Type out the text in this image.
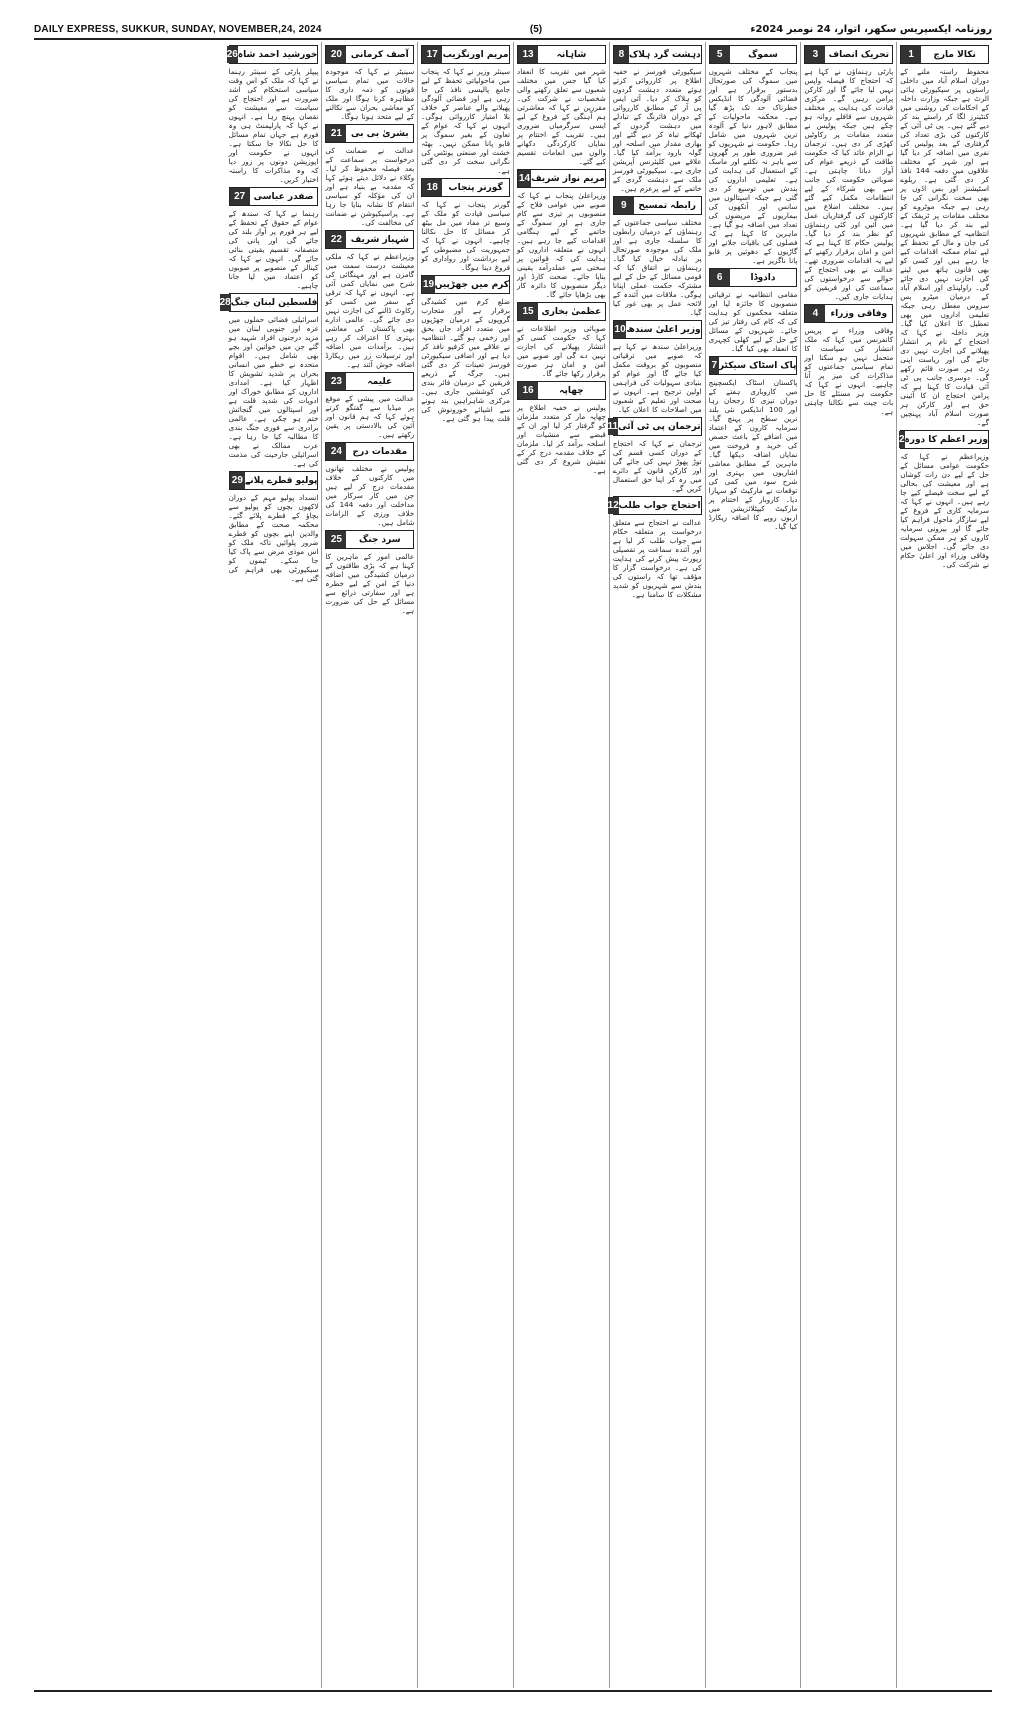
DAILY EXPRESS, SUKKUR, SUNDAY, NOVEMBER,24, 2024	(5)	روزنامہ ایکسپریس سکھر، اتوار، 24 نومبر 2024ء
نکالا مارچ
1
محفوظ راستہ ملنے کے دوران اسلام آباد میں داخلی راستوں پر سیکیورٹی ہائی الرٹ ہے جبکہ وزارت داخلہ کے احکامات کی روشنی میں کنٹینرز لگا کر راستے بند کر دیے گئے ہیں۔ پی ٹی آئی کے کارکنوں کی بڑی تعداد کی گرفتاری کے بعد پولیس کی نفری میں اضافہ کر دیا گیا ہے اور شہر کے مختلف علاقوں میں دفعہ 144 نافذ کر دی گئی ہے۔ ریلوے اسٹیشنز اور بس اڈوں پر بھی سخت نگرانی کی جا رہی ہے جبکہ موٹروے کو مختلف مقامات پر ٹریفک کے لیے بند کر دیا گیا ہے۔ انتظامیہ کے مطابق شہریوں کی جان و مال کے تحفظ کے لیے تمام ممکنہ اقدامات کیے جا رہے ہیں اور کسی کو بھی قانون ہاتھ میں لینے کی اجازت نہیں دی جائے گی۔ راولپنڈی اور اسلام آباد کے درمیان میٹرو بس سروس معطل رہی جبکہ تعلیمی اداروں میں بھی تعطیل کا اعلان کیا گیا۔ وزیر داخلہ نے کہا کہ احتجاج کے نام پر انتشار پھیلانے کی اجازت نہیں دی جائے گی اور ریاست اپنی رٹ ہر صورت قائم رکھے گی۔ دوسری جانب پی ٹی آئی قیادت کا کہنا ہے کہ پرامن احتجاج ان کا آئینی حق ہے اور کارکن ہر صورت اسلام آباد پہنچیں گے۔
وزیر اعظم کا دورہ
2
وزیراعظم نے کہا کہ حکومت عوامی مسائل کے حل کے لیے دن رات کوشاں ہے اور معیشت کی بحالی کے لیے سخت فیصلے کیے جا رہے ہیں۔ انہوں نے کہا کہ سرمایہ کاری کے فروغ کے لیے سازگار ماحول فراہم کیا جائے گا اور بیرونی سرمایہ کاروں کو ہر ممکن سہولت دی جائے گی۔ اجلاس میں وفاقی وزراء اور اعلیٰ حکام نے شرکت کی۔
تحریک انصاف
3
پارٹی رہنماؤں نے کہا ہے کہ احتجاج کا فیصلہ واپس نہیں لیا جائے گا اور کارکن پرامن رہیں گے۔ مرکزی قیادت کی ہدایت پر مختلف شہروں سے قافلے روانہ ہو چکے ہیں جبکہ پولیس نے متعدد مقامات پر رکاوٹیں کھڑی کر دی ہیں۔ ترجمان نے الزام عائد کیا کہ حکومت طاقت کے ذریعے عوام کی آواز دبانا چاہتی ہے۔ صوبائی حکومت کی جانب سے بھی شرکاء کے لیے انتظامات مکمل کیے گئے ہیں۔ مختلف اضلاع میں کارکنوں کی گرفتاریاں عمل میں آئیں اور کئی رہنماؤں کو نظر بند کر دیا گیا۔ پولیس حکام کا کہنا ہے کہ امن و امان برقرار رکھنے کے لیے یہ اقدامات ضروری تھے۔ عدالت نے بھی احتجاج کے حوالے سے درخواستوں کی سماعت کی اور فریقین کو ہدایات جاری کیں۔
وفاقی وزراء
4
وفاقی وزراء نے پریس کانفرنس میں کہا کہ ملک انتشار کی سیاست کا متحمل نہیں ہو سکتا اور تمام سیاسی جماعتوں کو مذاکرات کی میز پر آنا چاہیے۔ انہوں نے کہا کہ حکومت ہر مسئلے کا حل بات چیت سے نکالنا چاہتی ہے۔
سموگ
5
پنجاب کے مختلف شہروں میں سموگ کی صورتحال بدستور برقرار ہے اور فضائی آلودگی کا انڈیکس خطرناک حد تک بڑھ گیا ہے۔ محکمہ ماحولیات کے مطابق لاہور دنیا کے آلودہ ترین شہروں میں شامل رہا۔ حکومت نے شہریوں کو غیر ضروری طور پر گھروں سے باہر نہ نکلنے اور ماسک کے استعمال کی ہدایت کی ہے۔ تعلیمی اداروں کی بندش میں توسیع کر دی گئی ہے جبکہ اسپتالوں میں سانس اور آنکھوں کی بیماریوں کے مریضوں کی تعداد میں اضافہ ہو گیا ہے۔ ماہرین کا کہنا ہے کہ فصلوں کی باقیات جلانے اور گاڑیوں کے دھوئیں پر قابو پانا ناگزیر ہے۔
دادوڈا
6
مقامی انتظامیہ نے ترقیاتی منصوبوں کا جائزہ لیا اور متعلقہ محکموں کو ہدایت کی کہ کام کی رفتار تیز کی جائے۔ شہریوں کے مسائل کے حل کے لیے کھلی کچہری کا انعقاد بھی کیا گیا۔
پاک اسٹاک سیکٹر
7
پاکستان اسٹاک ایکسچینج میں کاروباری ہفتے کے دوران تیزی کا رجحان رہا اور 100 انڈیکس نئی بلند ترین سطح پر پہنچ گیا۔ سرمایہ کاروں کے اعتماد میں اضافے کے باعث حصص کی خرید و فروخت میں نمایاں اضافہ دیکھا گیا۔ ماہرین کے مطابق معاشی اشاریوں میں بہتری اور شرح سود میں کمی کی توقعات نے مارکیٹ کو سہارا دیا۔ کاروبار کے اختتام پر مارکیٹ کیپٹلائزیشن میں اربوں روپے کا اضافہ ریکارڈ کیا گیا۔
دہشت گرد ہلاک
8
سیکیورٹی فورسز نے خفیہ اطلاع پر کارروائی کرتے ہوئے متعدد دہشت گردوں کو ہلاک کر دیا۔ آئی ایس پی آر کے مطابق کارروائی کے دوران فائرنگ کے تبادلے میں دہشت گردوں کے ٹھکانے تباہ کر دیے گئے اور بھاری مقدار میں اسلحہ اور گولہ بارود برآمد کیا گیا۔ علاقے میں کلیئرنس آپریشن جاری ہے۔ سیکیورٹی فورسز ملک سے دہشت گردی کے خاتمے کے لیے پرعزم ہیں۔
رابطہ تمسیح
9
مختلف سیاسی جماعتوں کے رہنماؤں کے درمیان رابطوں کا سلسلہ جاری ہے اور ملک کی موجودہ صورتحال پر تبادلہ خیال کیا گیا۔ رہنماؤں نے اتفاق کیا کہ قومی مسائل کے حل کے لیے مشترکہ حکمت عملی اپنانا ہوگی۔ ملاقات میں آئندہ کے لائحہ عمل پر بھی غور کیا گیا۔
وزیر اعلیٰ سندھ
10
وزیراعلیٰ سندھ نے کہا ہے کہ صوبے میں ترقیاتی منصوبوں کو بروقت مکمل کیا جائے گا اور عوام کو بنیادی سہولیات کی فراہمی اولین ترجیح ہے۔ انہوں نے صحت اور تعلیم کے شعبوں میں اصلاحات کا اعلان کیا۔
ترجمان پی ٹی آئی
11
ترجمان نے کہا کہ احتجاج کے دوران کسی قسم کی توڑ پھوڑ نہیں کی جائے گی اور کارکن قانون کے دائرے میں رہ کر اپنا حق استعمال کریں گے۔
احتجاج جواب طلب
12
عدالت نے احتجاج سے متعلق درخواست پر متعلقہ حکام سے جواب طلب کر لیا ہے اور آئندہ سماعت پر تفصیلی رپورٹ پیش کرنے کی ہدایت کی ہے۔ درخواست گزار کا مؤقف تھا کہ راستوں کی بندش سے شہریوں کو شدید مشکلات کا سامنا ہے۔
شاہانہ
13
شہر میں تقریب کا انعقاد کیا گیا جس میں مختلف شعبوں سے تعلق رکھنے والی شخصیات نے شرکت کی۔ مقررین نے کہا کہ معاشرتی ہم آہنگی کے فروغ کے لیے ایسی سرگرمیاں ضروری ہیں۔ تقریب کے اختتام پر نمایاں کارکردگی دکھانے والوں میں انعامات تقسیم کیے گئے۔
مریم نواز شریف
14
وزیراعلیٰ پنجاب نے کہا کہ صوبے میں عوامی فلاح کے منصوبوں پر تیزی سے کام جاری ہے اور سموگ کے خاتمے کے لیے ہنگامی اقدامات کیے جا رہے ہیں۔ انہوں نے متعلقہ اداروں کو ہدایت کی کہ قوانین پر سختی سے عملدرآمد یقینی بنایا جائے۔ صحت کارڈ اور دیگر منصوبوں کا دائرہ کار بھی بڑھایا جائے گا۔
عظمیٰ بخاری
15
صوبائی وزیر اطلاعات نے کہا کہ حکومت کسی کو انتشار پھیلانے کی اجازت نہیں دے گی اور صوبے میں امن و امان ہر صورت برقرار رکھا جائے گا۔
چھاپہ
16
پولیس نے خفیہ اطلاع پر چھاپہ مار کر متعدد ملزمان کو گرفتار کر لیا اور ان کے قبضے سے منشیات اور اسلحہ برآمد کر لیا۔ ملزمان کے خلاف مقدمہ درج کر کے تفتیش شروع کر دی گئی ہے۔
مریم اورنگزیب
17
سینئر وزیر نے کہا کہ پنجاب میں ماحولیاتی تحفظ کے لیے جامع پالیسی نافذ کی جا رہی ہے اور فضائی آلودگی پھیلانے والے عناصر کے خلاف بلا امتیاز کارروائی ہوگی۔ انہوں نے کہا کہ عوام کے تعاون کے بغیر سموگ پر قابو پانا ممکن نہیں۔ بھٹہ خشت اور صنعتی یونٹس کی نگرانی سخت کر دی گئی ہے۔
گورنر پنجاب
18
گورنر پنجاب نے کہا کہ سیاسی قیادت کو ملک کے وسیع تر مفاد میں مل بیٹھ کر مسائل کا حل نکالنا چاہیے۔ انہوں نے کہا کہ جمہوریت کی مضبوطی کے لیے برداشت اور رواداری کو فروغ دینا ہوگا۔
کرم میں جھڑپیں
19
ضلع کرم میں کشیدگی برقرار ہے اور متحارب گروپوں کے درمیان جھڑپوں میں متعدد افراد جاں بحق اور زخمی ہو گئے۔ انتظامیہ نے علاقے میں کرفیو نافذ کر دیا ہے اور اضافی سیکیورٹی فورسز تعینات کر دی گئی ہیں۔ جرگہ کے ذریعے فریقین کے درمیان فائر بندی کی کوششیں جاری ہیں۔ مرکزی شاہراہیں بند ہونے سے اشیائے خورونوش کی قلت پیدا ہو گئی ہے۔
آصف کرمانی
20
سینیٹر نے کہا کہ موجودہ حالات میں تمام سیاسی قوتوں کو ذمہ داری کا مظاہرہ کرنا ہوگا اور ملک کو معاشی بحران سے نکالنے کے لیے متحد ہونا ہوگا۔
بشریٰ بی بی
21
عدالت نے ضمانت کی درخواست پر سماعت کے بعد فیصلہ محفوظ کر لیا۔ وکلاء نے دلائل دیتے ہوئے کہا کہ مقدمہ بے بنیاد ہے اور ان کی مؤکلہ کو سیاسی انتقام کا نشانہ بنایا جا رہا ہے۔ پراسیکیوشن نے ضمانت کی مخالفت کی۔
شہباز شریف
22
وزیراعظم نے کہا کہ ملکی معیشت درست سمت میں گامزن ہے اور مہنگائی کی شرح میں نمایاں کمی آئی ہے۔ انہوں نے کہا کہ ترقی کے سفر میں کسی کو رکاوٹ ڈالنے کی اجازت نہیں دی جائے گی۔ عالمی ادارے بھی پاکستان کی معاشی بہتری کا اعتراف کر رہے ہیں۔ برآمدات میں اضافہ اور ترسیلات زر میں ریکارڈ اضافہ خوش آئند ہے۔
علیمہ
23
عدالت میں پیشی کے موقع پر میڈیا سے گفتگو کرتے ہوئے کہا کہ ہم قانون اور آئین کی بالادستی پر یقین رکھتے ہیں۔
مقدمات درج
24
پولیس نے مختلف تھانوں میں کارکنوں کے خلاف مقدمات درج کر لیے ہیں جن میں کار سرکار میں مداخلت اور دفعہ 144 کی خلاف ورزی کے الزامات شامل ہیں۔
سرد جنگ
25
عالمی امور کے ماہرین کا کہنا ہے کہ بڑی طاقتوں کے درمیان کشیدگی میں اضافہ دنیا کے امن کے لیے خطرہ ہے اور سفارتی ذرائع سے مسائل کے حل کی ضرورت ہے۔
خورشید احمد شاہ
26
پیپلز پارٹی کے سینئر رہنما نے کہا کہ ملک کو اس وقت سیاسی استحکام کی اشد ضرورت ہے اور احتجاج کی سیاست سے معیشت کو نقصان پہنچ رہا ہے۔ انہوں نے کہا کہ پارلیمنٹ ہی وہ فورم ہے جہاں تمام مسائل کا حل نکالا جا سکتا ہے۔ انہوں نے حکومت اور اپوزیشن دونوں پر زور دیا کہ وہ مذاکرات کا راستہ اختیار کریں۔
صفدر عباسی
27
رہنما نے کہا کہ سندھ کے عوام کے حقوق کے تحفظ کے لیے ہر فورم پر آواز بلند کی جائے گی اور پانی کی منصفانہ تقسیم یقینی بنائی جائے گی۔ انہوں نے کہا کہ کینالز کے منصوبے پر صوبوں کو اعتماد میں لیا جانا چاہیے۔
فلسطین لبنان جنگ
28
اسرائیلی فضائی حملوں میں غزہ اور جنوبی لبنان میں مزید درجنوں افراد شہید ہو گئے جن میں خواتین اور بچے بھی شامل ہیں۔ اقوام متحدہ نے خطے میں انسانی بحران پر شدید تشویش کا اظہار کیا ہے۔ امدادی اداروں کے مطابق خوراک اور ادویات کی شدید قلت ہے اور اسپتالوں میں گنجائش ختم ہو چکی ہے۔ عالمی برادری سے فوری جنگ بندی کا مطالبہ کیا جا رہا ہے۔ عرب ممالک نے بھی اسرائیلی جارحیت کی مذمت کی ہے۔
پولیو قطرے پلانے
29
انسداد پولیو مہم کے دوران لاکھوں بچوں کو پولیو سے بچاؤ کے قطرے پلائے گئے۔ محکمہ صحت کے مطابق والدین اپنے بچوں کو قطرے ضرور پلوائیں تاکہ ملک کو اس موذی مرض سے پاک کیا جا سکے۔ ٹیموں کو سیکیورٹی بھی فراہم کی گئی ہے۔
